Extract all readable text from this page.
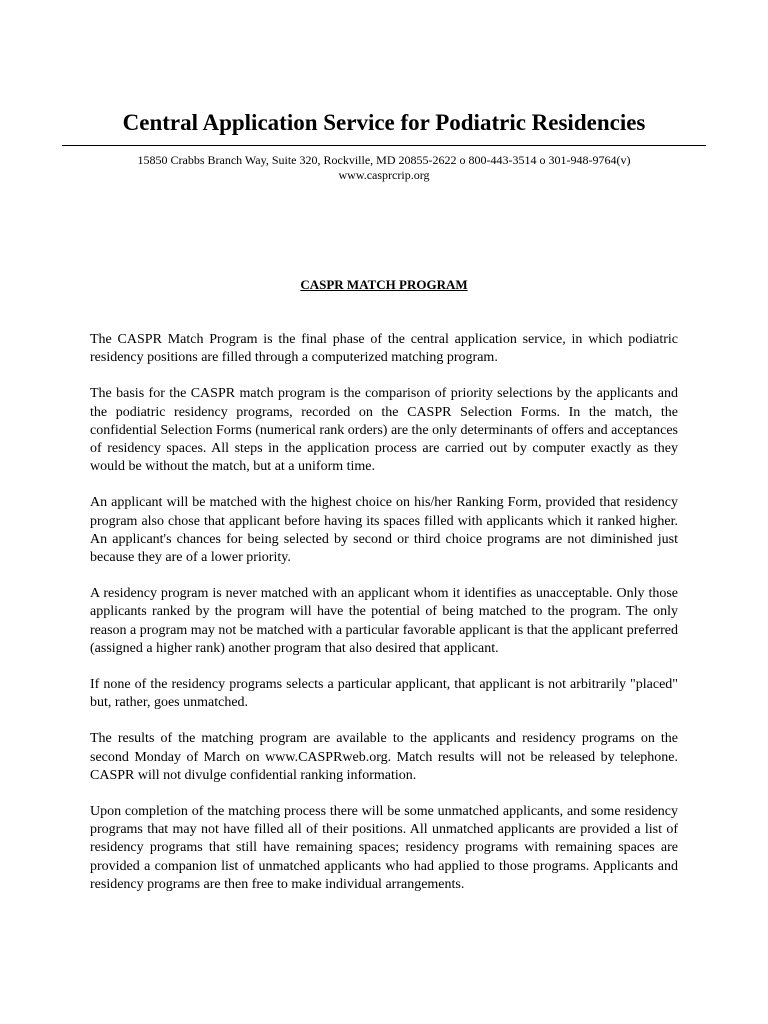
Central Application Service for Podiatric Residencies
15850 Crabbs Branch Way, Suite 320, Rockville, MD 20855-2622 o 800-443-3514 o 301-948-9764(v)
www.casprcrip.org
CASPR MATCH PROGRAM

The CASPR Match Program is the final phase of the central application service, in which podiatric residency positions are filled through a computerized matching program.

The basis for the CASPR match program is the comparison of priority selections by the applicants and the podiatric residency programs, recorded on the CASPR Selection Forms. In the match, the confidential Selection Forms (numerical rank orders) are the only determinants of offers and acceptances of residency spaces. All steps in the application process are carried out by computer exactly as they would be without the match, but at a uniform time.

An applicant will be matched with the highest choice on his/her Ranking Form, provided that residency program also chose that applicant before having its spaces filled with applicants which it ranked higher. An applicant's chances for being selected by second or third choice programs are not diminished just because they are of a lower priority.

A residency program is never matched with an applicant whom it identifies as unacceptable. Only those applicants ranked by the program will have the potential of being matched to the program. The only reason a program may not be matched with a particular favorable applicant is that the applicant preferred (assigned a higher rank) another program that also desired that applicant.

If none of the residency programs selects a particular applicant, that applicant is not arbitrarily "placed" but, rather, goes unmatched.

The results of the matching program are available to the applicants and residency programs on the second Monday of March on www.CASPRweb.org. Match results will not be released by telephone. CASPR will not divulge confidential ranking information.

Upon completion of the matching process there will be some unmatched applicants, and some residency programs that may not have filled all of their positions. All unmatched applicants are provided a list of residency programs that still have remaining spaces; residency programs with remaining spaces are provided a companion list of unmatched applicants who had applied to those programs. Applicants and residency programs are then free to make individual arrangements.
